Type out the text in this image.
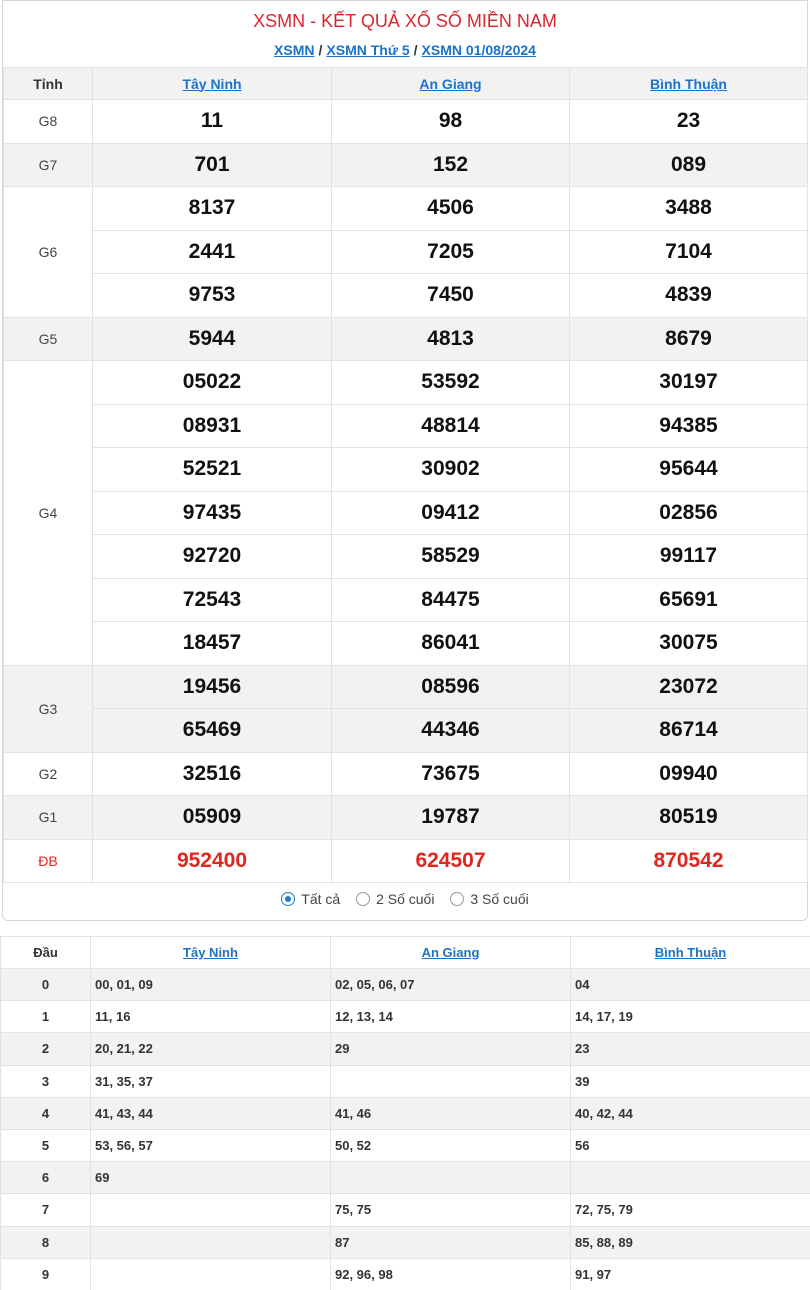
XSMN - KẾT QUẢ XỔ SỐ MIỀN NAM
XSMN / XSMN Thứ 5 / XSMN 01/08/2024
Tỉnh	Tây Ninh	An Giang	Bình Thuận
G8	11	98	23
G7	701	152	089
G6	8137	4506	3488
	2441	7205	7104
	9753	7450	4839
G5	5944	4813	8679
G4	05022	53592	30197
	08931	48814	94385
	52521	30902	95644
	97435	09412	02856
	92720	58529	99117
	72543	84475	65691
	18457	86041	30075
G3	19456	08596	23072
	65469	44346	86714
G2	32516	73675	09940
G1	05909	19787	80519
ĐB	952400	624507	870542
Tất cả
	2 Số cuối
	3 Số cuối
Đầu	Tây Ninh	An Giang	Bình Thuận
0	00, 01, 09	02, 05, 06, 07	04
1	11, 16	12, 13, 14	14, 17, 19
2	20, 21, 22	29	23
3	31, 35, 37		39
4	41, 43, 44	41, 46	40, 42, 44
5	53, 56, 57	50, 52	56
6	69		
7		75, 75	72, 75, 79
8		87	85, 88, 89
9		92, 96, 98	91, 97
